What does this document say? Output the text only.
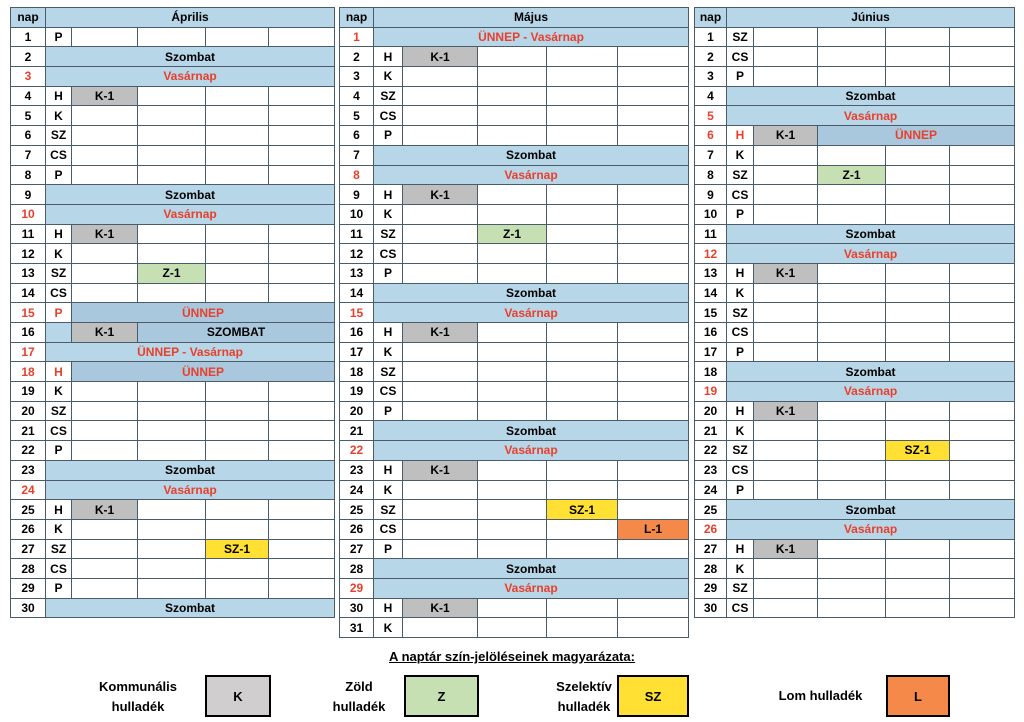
nap	Április				
1	P				
2	Szombat				
3	Vasárnap				
4	H	K-1			
5	K				
6	SZ				
7	CS				
8	P				
9	Szombat				
10	Vasárnap				
11	H	K-1			
12	K				
13	SZ		Z-1		
14	CS				
15	P	ÜNNEP			
16		K-1	SZOMBAT		
17	ÜNNEP - Vasárnap				
18	H	ÜNNEP			
19	K				
20	SZ				
21	CS				
22	P				
23	Szombat				
24	Vasárnap				
25	H	K-1			
26	K				
27	SZ			SZ-1	
28	CS				
29	P				
30	Szombat				
nap	Május				
1	ÜNNEP - Vasárnap				
2	H	K-1			
3	K				
4	SZ				
5	CS				
6	P				
7	Szombat				
8	Vasárnap				
9	H	K-1			
10	K				
11	SZ		Z-1		
12	CS				
13	P				
14	Szombat				
15	Vasárnap				
16	H	K-1			
17	K				
18	SZ				
19	CS				
20	P				
21	Szombat				
22	Vasárnap				
23	H	K-1			
24	K				
25	SZ			SZ-1	
26	CS				L-1
27	P				
28	Szombat				
29	Vasárnap				
30	H	K-1			
31	K				
nap	Június				
1	SZ				
2	CS				
3	P				
4	Szombat				
5	Vasárnap				
6	H	K-1	ÜNNEP		
7	K				
8	SZ		Z-1		
9	CS				
10	P				
11	Szombat				
12	Vasárnap				
13	H	K-1			
14	K				
15	SZ				
16	CS				
17	P				
18	Szombat				
19	Vasárnap				
20	H	K-1			
21	K				
22	SZ			SZ-1	
23	CS				
24	P				
25	Szombat				
26	Vasárnap				
27	H	K-1			
28	K				
29	SZ				
30	CS				
A naptár szín-jelöléseinek magyarázata:
Kommunális
hulladék
K
Zöld
hulladék
Z
Szelektív
hulladék
SZ	Lom hulladék	L
